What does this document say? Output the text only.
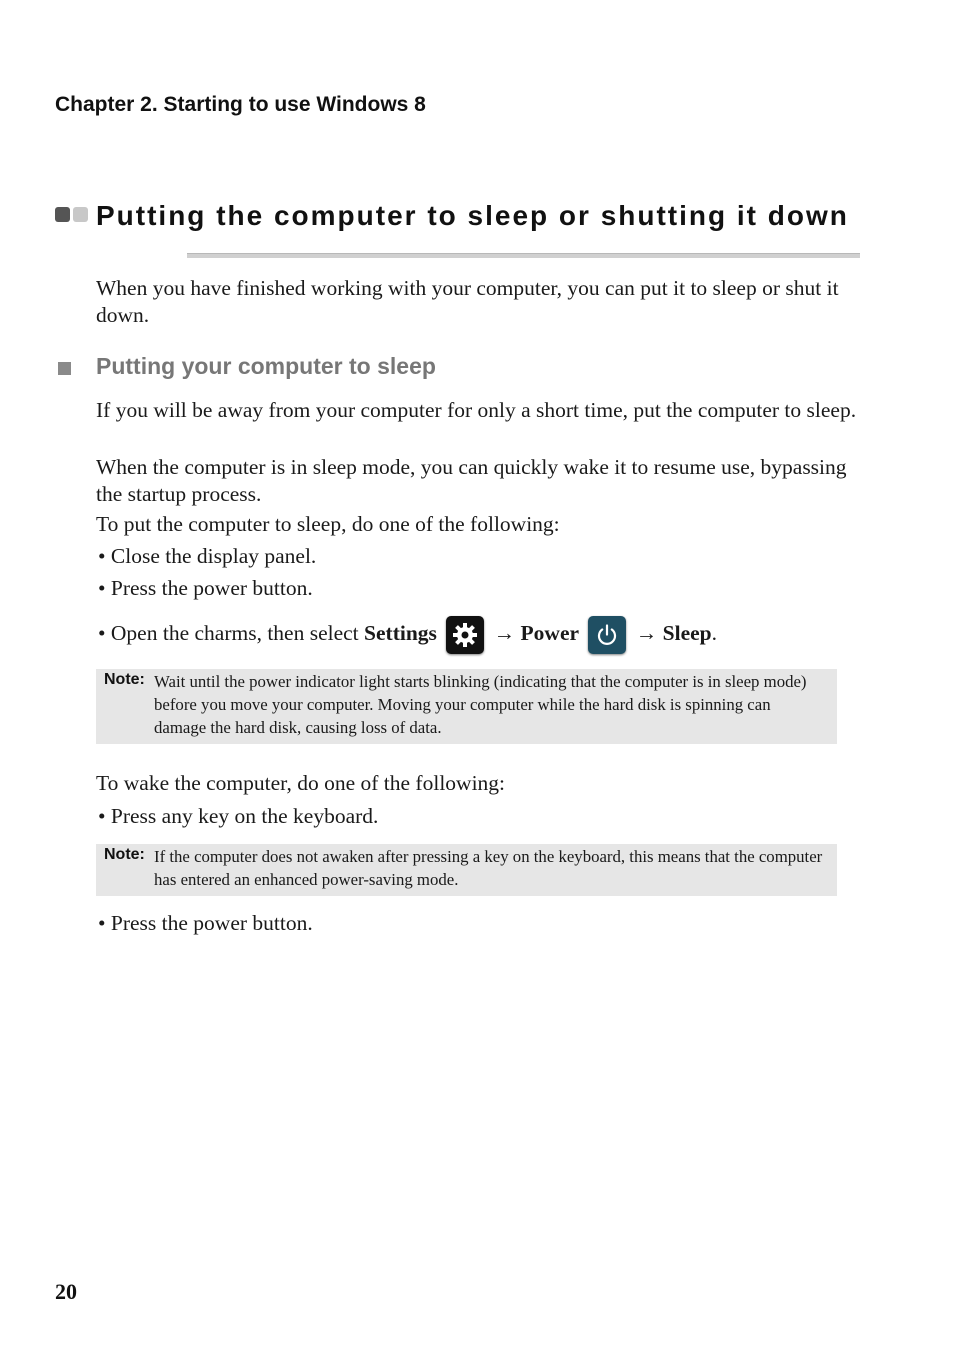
Chapter 2. Starting to use Windows 8
Putting the computer to sleep or shutting it down
When you have finished working with your computer, you can put it to sleep or shut it down.
Putting your computer to sleep
If you will be away from your computer for only a short time, put the computer to sleep.
When the computer is in sleep mode, you can quickly wake it to resume use, bypassing the startup process.
To put the computer to sleep, do one of the following:
• Close the display panel.
• Press the power button.
• Open the charms, then select Settings
→ Power
→ Sleep.
Note: Wait until the power indicator light starts blinking (indicating that the computer is in sleep mode) before you move your computer. Moving your computer while the hard disk is spinning can damage the hard disk, causing loss of data.
To wake the computer, do one of the following:
• Press any key on the keyboard.
Note: If the computer does not awaken after pressing a key on the keyboard, this means that the computer has entered an enhanced power-saving mode.
• Press the power button.
20
